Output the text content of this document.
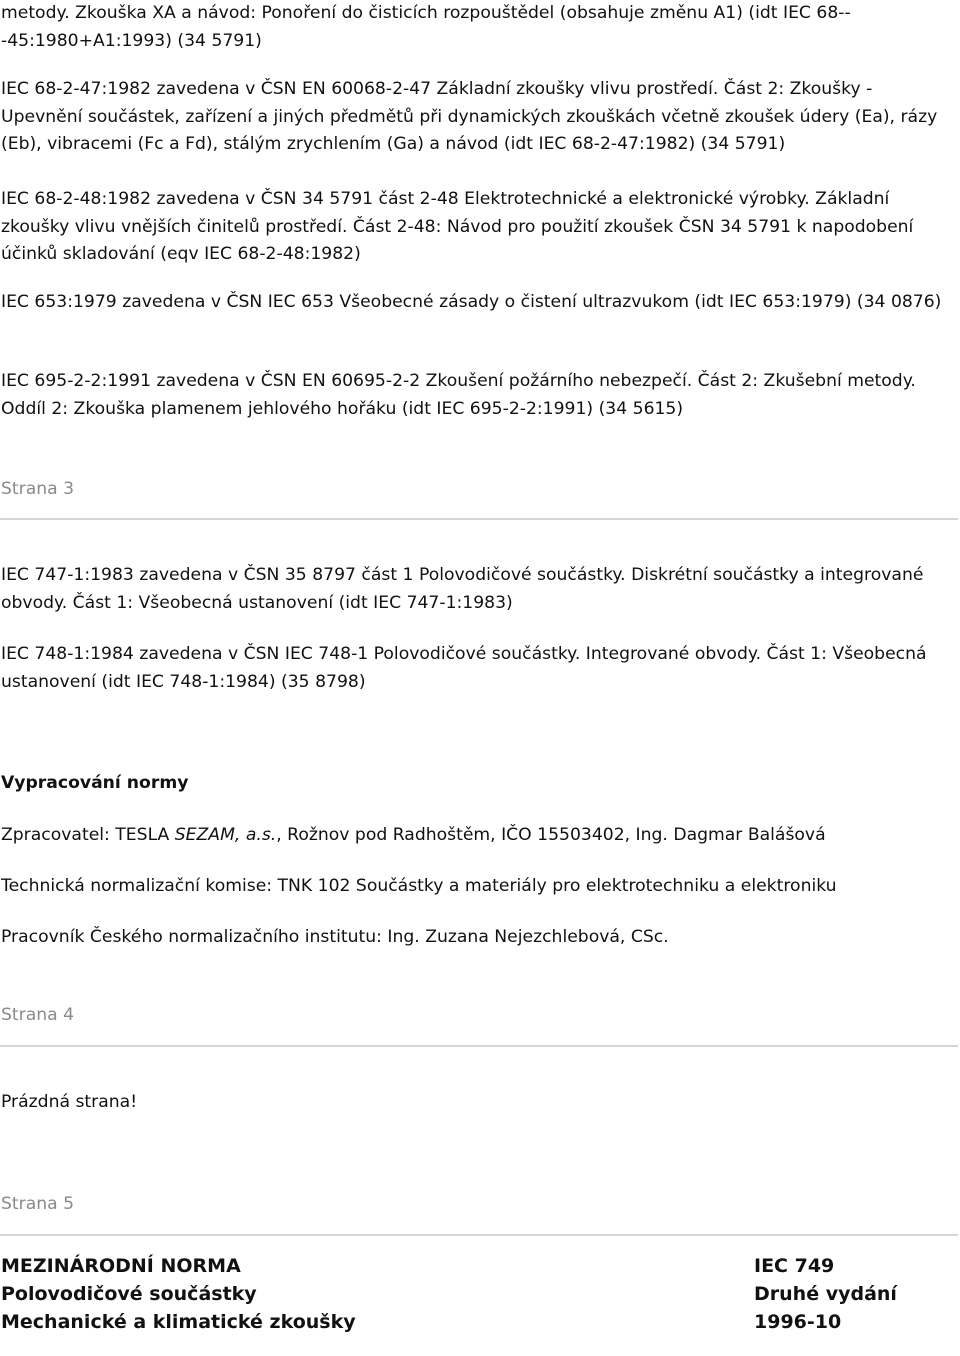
metody. Zkouška XA a návod: Ponoření do čisticích rozpouštědel (obsahuje změnu A1) (idt IEC 68---45:1980+A1:1993) (34 5791)

IEC 68-2-47:1982 zavedena v ČSN EN 60068-2-47 Základní zkoušky vlivu prostředí. Část 2: Zkoušky - Upevnění součástek, zařízení a jiných předmětů při dynamických zkouškách včetně zkoušek údery (Ea), rázy (Eb), vibracemi (Fc a Fd), stálým zrychlením (Ga) a návod (idt IEC 68-2-47:1982) (34 5791)

IEC 68-2-48:1982 zavedena v ČSN 34 5791 část 2-48 Elektrotechnické a elektronické výrobky. Základní zkoušky vlivu vnějších činitelů prostředí. Část 2-48: Návod pro použití zkoušek ČSN 34 5791 k napodobení účinků skladování (eqv IEC 68-2-48:1982)

IEC 653:1979 zavedena v ČSN IEC 653 Všeobecné zásady o čistení ultrazvukom (idt IEC 653:1979) (34 0876)

IEC 695-2-2:1991 zavedena v ČSN EN 60695-2-2 Zkoušení požárního nebezpečí. Část 2: Zkušební metody. Oddíl 2: Zkouška plamenem jehlového hořáku (idt IEC 695-2-2:1991) (34 5615)

Strana 3

IEC 747-1:1983 zavedena v ČSN 35 8797 část 1 Polovodičové součástky. Diskrétní součástky a integrované obvody. Část 1: Všeobecná ustanovení (idt IEC 747-1:1983)

IEC 748-1:1984 zavedena v ČSN IEC 748-1 Polovodičové součástky. Integrované obvody. Část 1: Všeobecná ustanovení (idt IEC 748-1:1984) (35 8798)

Vypracování normy

Zpracovatel: TESLA SEZAM, a.s., Rožnov pod Radhoštěm, IČO 15503402, Ing. Dagmar Balášová

Technická normalizační komise: TNK 102 Součástky a materiály pro elektrotechniku a elektroniku

Pracovník Českého normalizačního institutu: Ing. Zuzana Nejezchlebová, CSc.

Strana 4

Prázdná strana!

Strana 5
MEZINÁRODNÍ NORMA	IEC 749
Polovodičové součástky	Druhé vydání
Mechanické a klimatické zkoušky	1996-10
